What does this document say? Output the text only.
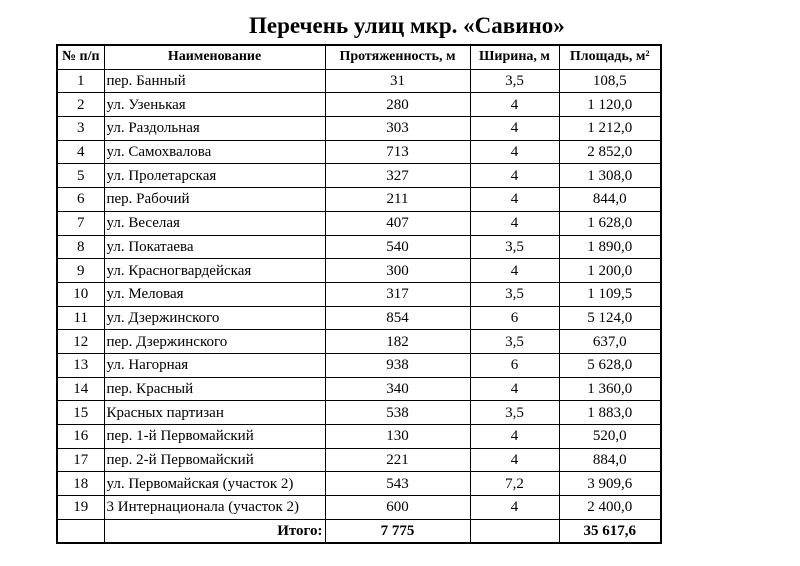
Перечень улиц мкр. «Савино»
№ п/п	Наименование	Протяженность, м	Ширина, м	Площадь, м²
1	пер. Банный	31	3,5	108,5
2	ул. Узенькая	280	4	1 120,0
3	ул. Раздольная	303	4	1 212,0
4	ул. Самохвалова	713	4	2 852,0
5	ул. Пролетарская	327	4	1 308,0
6	пер. Рабочий	211	4	844,0
7	ул. Веселая	407	4	1 628,0
8	ул. Покатаева	540	3,5	1 890,0
9	ул. Красногвардейская	300	4	1 200,0
10	ул. Меловая	317	3,5	1 109,5
11	ул. Дзержинского	854	6	5 124,0
12	пер. Дзержинского	182	3,5	637,0
13	ул. Нагорная	938	6	5 628,0
14	пер. Красный	340	4	1 360,0
15	Красных партизан	538	3,5	1 883,0
16	пер. 1-й Первомайский	130	4	520,0
17	пер. 2-й Первомайский	221	4	884,0
18	ул. Первомайская (участок 2)	543	7,2	3 909,6
19	3 Интернационала (участок 2)	600	4	2 400,0
	Итого:	7 775		35 617,6
